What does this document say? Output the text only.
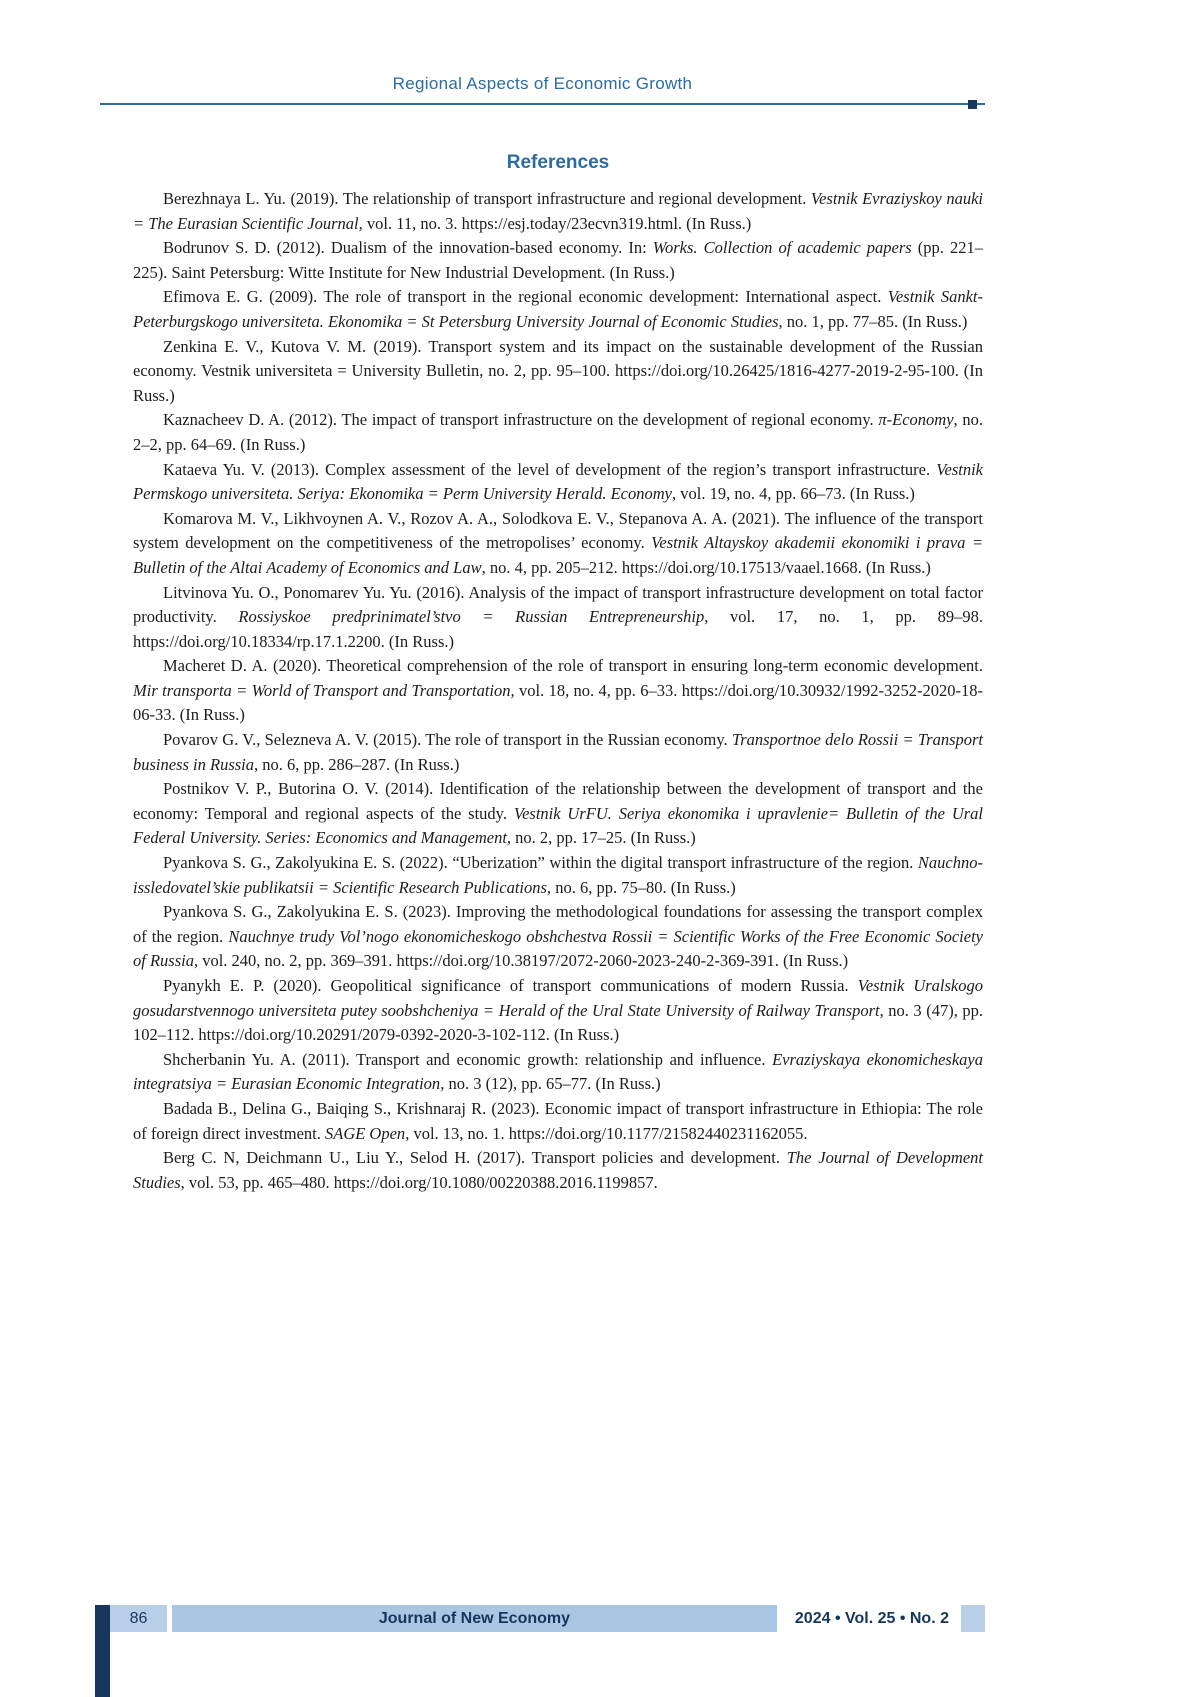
Regional Aspects of Economic Growth
References

Berezhnaya L. Yu. (2019). The relationship of transport infrastructure and regional development. Vestnik Evraziyskoy nauki = The Eurasian Scientific Journal, vol. 11, no. 3. https://esj.today/23ecvn319.html. (In Russ.)

Bodrunov S. D. (2012). Dualism of the innovation-based economy. In: Works. Collection of academic papers (pp. 221–225). Saint Petersburg: Witte Institute for New Industrial Development. (In Russ.)

Efimova E. G. (2009). The role of transport in the regional economic development: International aspect. Vestnik Sankt-Peterburgskogo universiteta. Ekonomika = St Petersburg University Journal of Economic Studies, no. 1, pp. 77–85. (In Russ.)

Zenkina E. V., Kutova V. M. (2019). Transport system and its impact on the sustainable development of the Russian economy. Vestnik universiteta = University Bulletin, no. 2, pp. 95–100. https://doi.org/10.26425/1816-4277-2019-2-95-100. (In Russ.)

Kaznacheev D. A. (2012). The impact of transport infrastructure on the development of regional economy. π-Economy, no. 2–2, pp. 64–69. (In Russ.)

Kataeva Yu. V. (2013). Complex assessment of the level of development of the region’s transport infrastructure. Vestnik Permskogo universiteta. Seriya: Ekonomika = Perm University Herald. Economy, vol. 19, no. 4, pp. 66–73. (In Russ.)

Komarova M. V., Likhvoynen A. V., Rozov A. A., Solodkova E. V., Stepanova A. A. (2021). The influence of the transport system development on the competitiveness of the metropolises’ economy. Vestnik Altayskoy akademii ekonomiki i prava = Bulletin of the Altai Academy of Economics and Law, no. 4, pp. 205–212. https://doi.org/10.17513/vaael.1668. (In Russ.)

Litvinova Yu. O., Ponomarev Yu. Yu. (2016). Analysis of the impact of transport infrastructure development on total factor productivity. Rossiyskoe predprinimatel’stvo = Russian Entrepreneurship, vol. 17, no. 1, pp. 89–98. https://doi.org/10.18334/rp.17.1.2200. (In Russ.)

Macheret D. A. (2020). Theoretical comprehension of the role of transport in ensuring long-term economic development. Mir transporta = World of Transport and Transportation, vol. 18, no. 4, pp. 6–33. https://doi.org/10.30932/1992-3252-2020-18-06-33. (In Russ.)

Povarov G. V., Selezneva A. V. (2015). The role of transport in the Russian economy. Transportnoe delo Rossii = Transport business in Russia, no. 6, pp. 286–287. (In Russ.)

Postnikov V. P., Butorina O. V. (2014). Identification of the relationship between the development of transport and the economy: Temporal and regional aspects of the study. Vestnik UrFU. Seriya ekonomika i upravlenie= Bulletin of the Ural Federal University. Series: Economics and Management, no. 2, pp. 17–25. (In Russ.)

Pyankova S. G., Zakolyukina E. S. (2022). “Uberization” within the digital transport infrastructure of the region. Nauchno-issledovatel’skie publikatsii = Scientific Research Publications, no. 6, pp. 75–80. (In Russ.)

Pyankova S. G., Zakolyukina E. S. (2023). Improving the methodological foundations for assessing the transport complex of the region. Nauchnye trudy Vol’nogo ekonomicheskogo obshchestva Rossii = Scientific Works of the Free Economic Society of Russia, vol. 240, no. 2, pp. 369–391. https://doi.org/10.38197/2072-2060-2023-240-2-369-391. (In Russ.)

Pyanykh E. P. (2020). Geopolitical significance of transport communications of modern Russia. Vestnik Uralskogo gosudarstvennogo universiteta putey soobshcheniya = Herald of the Ural State University of Railway Transport, no. 3 (47), pp. 102–112. https://doi.org/10.20291/2079-0392-2020-3-102-112. (In Russ.)

Shcherbanin Yu. A. (2011). Transport and economic growth: relationship and influence. Evraziyskaya ekonomicheskaya integratsiya = Eurasian Economic Integration, no. 3 (12), pp. 65–77. (In Russ.)

Badada B., Delina G., Baiqing S., Krishnaraj R. (2023). Economic impact of transport infrastructure in Ethiopia: The role of foreign direct investment. SAGE Open, vol. 13, no. 1. https://doi.org/10.1177/21582440231162055.

Berg C. N, Deichmann U., Liu Y., Selod H. (2017). Transport policies and development. The Journal of Development Studies, vol. 53, pp. 465–480. https://doi.org/10.1080/00220388.2016.1199857.

86	Journal of New Economy	2024 • Vol. 25 • No. 2
